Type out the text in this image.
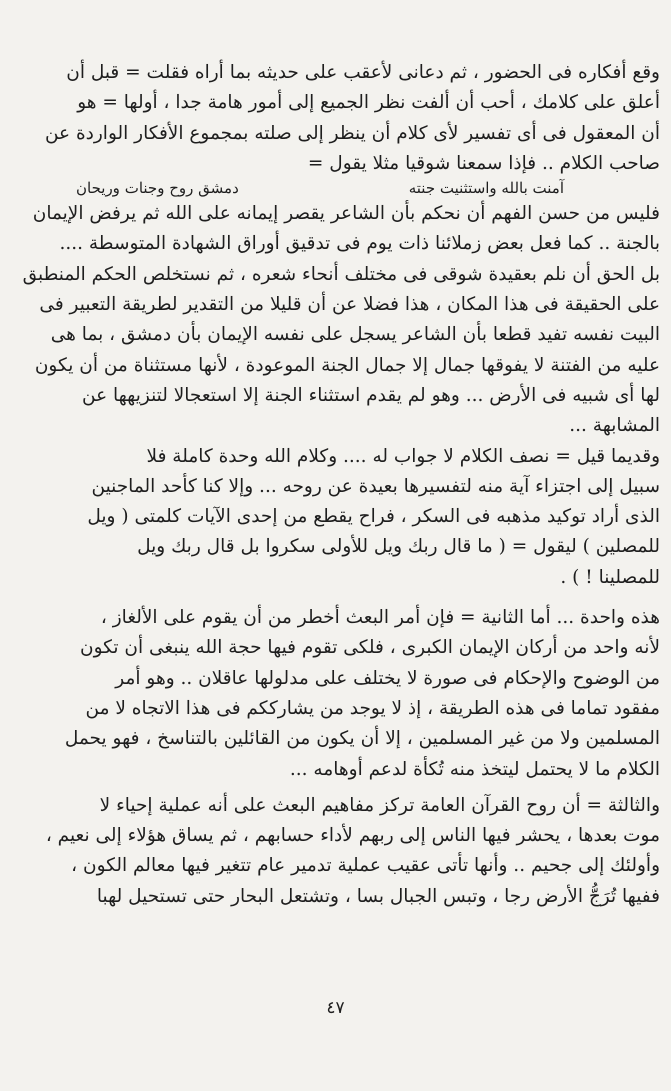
وقع أفكاره فى الحضور ، ثم دعانى لأعقب على حديثه بما أراه فقلت = قبل أن

أعلق على كلامك ، أحب أن ألفت نظر الجميع إلى أمور هامة جدا ، أولها = هو

أن المعقول فى أى تفسير لأى كلام أن ينظر إلى صلته بمجموع الأفكار الواردة عن

صاحب الكلام .. فإذا سمعنا شوقيا مثلا يقول =

آمنت بالله واستثنيت جنته
دمشق روح وجنات وريحان

فليس من حسن الفهم أن نحكم بأن الشاعر يقصر إيمانه على الله ثم يرفض الإيمان

بالجنة .. كما فعل بعض زملائنا ذات يوم فى تدقيق أوراق الشهادة المتوسطة ....

بل الحق أن نلم بعقيدة شوقى فى مختلف أنحاء شعره ، ثم نستخلص الحكم المنطبق

على الحقيقة فى هذا المكان ، هذا فضلا عن أن قليلا من التقدير لطريقة التعبير فى

البيت نفسه تفيد قطعا بأن الشاعر يسجل على نفسه الإيمان بأن دمشق ، بما هى

عليه من الفتنة لا يفوقها جمال إلا جمال الجنة الموعودة ، لأنها مستثناة من أن يكون

لها أى شبيه فى الأرض ... وهو لم يقدم استثناء الجنة إلا استعجالا لتنزيهها عن

المشابهة ...

وقديما قيل = نصف الكلام لا جواب له .... وكلام الله وحدة كاملة فلا

سبيل إلى اجتزاء آية منه لتفسيرها بعيدة عن روحه ... وإلا كنا كأحد الماجنين

الذى أراد توكيد مذهبه فى السكر ، فراح يقطع من إحدى الآيات كلمتى ( ويل

للمصلين ) ليقول = ( ما قال ربك ويل للأولى سكروا بل قال ربك ويل

للمصلينا ! ) .

هذه واحدة ... أما الثانية = فإن أمر البعث أخطر من أن يقوم على الألغاز ،

لأنه واحد من أركان الإيمان الكبرى ، فلكى تقوم فيها حجة الله ينبغى أن تكون

من الوضوح والإحكام فى صورة لا يختلف على مدلولها عاقلان .. وهو أمر

مفقود تماما فى هذه الطريقة ، إذ لا يوجد من يشارككم فى هذا الاتجاه لا من

المسلمين ولا من غير المسلمين ، إلا أن يكون من القائلين بالتناسخ ، فهو يحمل

الكلام ما لا يحتمل ليتخذ منه تُكأة لدعم أوهامه ...

والثالثة = أن روح القرآن العامة تركز مفاهيم البعث على أنه عملية إحياء لا

موت بعدها ، يحشر فيها الناس إلى ربهم لأداء حسابهم ، ثم يساق هؤلاء إلى نعيم ،

وأولئك إلى جحيم .. وأنها تأتى عقيب عملية تدمير عام تتغير فيها معالم الكون ،

ففيها تُرَجُّ الأرض رجا ، وتبس الجبال بسا ، وتشتعل البحار حتى تستحيل لهبا

٤٧
